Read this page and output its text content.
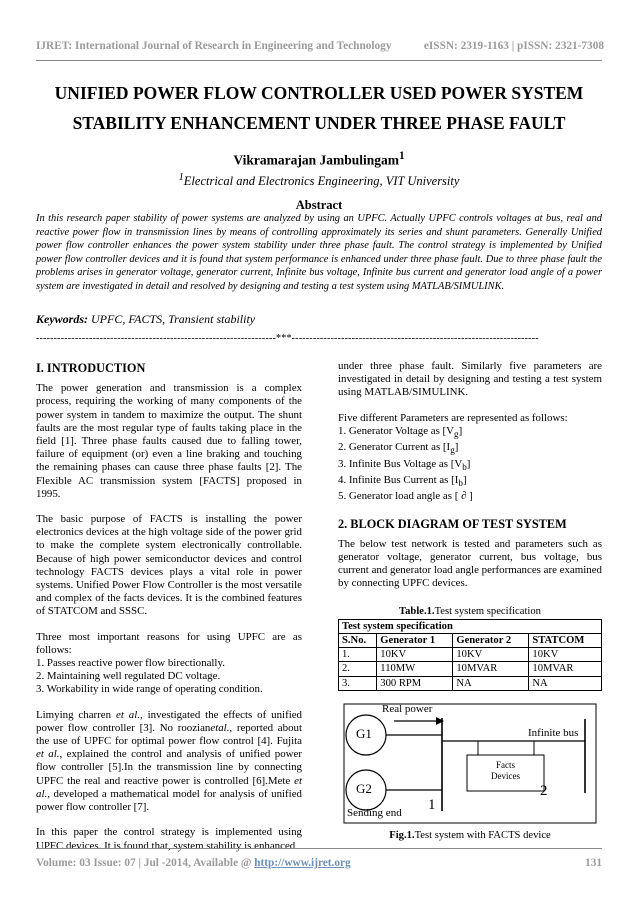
IJRET: International Journal of Research in Engineering and Technology	eISSN: 2319-1163 | pISSN: 2321-7308
UNIFIED POWER FLOW CONTROLLER USED POWER SYSTEM
STABILITY ENHANCEMENT UNDER THREE PHASE FAULT
Vikramarajan Jambulingam$^1$
$^1$Electrical and Electronics Engineering, VIT University
Abstract

In this research paper stability of power systems are analyzed by using an UPFC. Actually UPFC controls voltages at bus, real and reactive power flow in transmission lines by means of controlling approximately its series and shunt parameters. Generally Unified power flow controller enhances the power system stability under three phase fault. The control strategy is implemented by Unified power flow controller devices and it is found that system performance is enhanced under three phase fault. Due to three phase fault the problems arises in generator voltage, generator current, Infinite bus voltage, Infinite bus current and generator load angle of a power system are investigated in detail and resolved by designing and testing a test system using MATLAB/SIMULINK.

Keywords: UPFC, FACTS, Transient stability
--------------------------------------------------------------------***----------------------------------------------------------------------
I. INTRODUCTION

The power generation and transmission is a complex process, requiring the working of many components of the power system in tandem to maximize the output. The shunt faults are the most regular type of faults taking place in the field [1]. Three phase faults caused due to falling tower, failure of equipment (or) even a line braking and touching the remaining phases can cause three phase faults [2]. The Flexible AC transmission system [FACTS] proposed in 1995.

The basic purpose of FACTS is installing the power electronics devices at the high voltage side of the power grid to make the complete system electronically controllable. Because of high power semiconductor devices and control technology FACTS devices plays a vital role in power systems. Unified Power Flow Controller is the most versatile and complex of the facts devices. It is the combined features of STATCOM and SSSC.

Three most important reasons for using UPFC are as follows:

1. Passes reactive power flow birectionally.
2. Maintaining well regulated DC voltage.
3. Workability in wide range of operating condition.

Limying charren et al., investigated the effects of unified power flow controller [3]. No roozianetal., reported about the use of UPFC for optimal power flow control [4]. Fujita et al., explained the control and analysis of unified power flow controller [5].In the transmission line by connecting UPFC the real and reactive power is controlled [6].Mete et al., developed a mathematical model for analysis of unified power flow controller [7].

In this paper the control strategy is implemented using UPFC devices. It is found that, system stability is enhanced

under three phase fault. Similarly five parameters are investigated in detail by designing and testing a test system using MATLAB/SIMULINK.

Five different Parameters are represented as follows:
1. Generator Voltage as $[V_g]$
2. Generator Current as $[I_g]$
3. Infinite Bus Voltage as $[V_b]$
4. Infinite Bus Current as $[I_b]$
5. Generator load angle as [ ∂ ]
2. BLOCK DIAGRAM OF TEST SYSTEM

The below test network is tested and parameters such as generator voltage, generator current, bus voltage, bus current and generator load angle performances are examined by connecting UPFC devices.

Table.1.Test system specification
Test system specification			
S.No.	Generator 1	Generator 2	STATCOM
1.	10KV	10KV	10KV
2.	110MW	10MVAR	10MVAR
3.	300 RPM	NA	NA
Real power
G1
G2
Infinite bus
Facts
Devices
Sending end 1
2
Fig.1.Test system with FACTS device
Volume: 03 Issue: 07 | Jul -2014, Available @ http://www.ijret.org	131
